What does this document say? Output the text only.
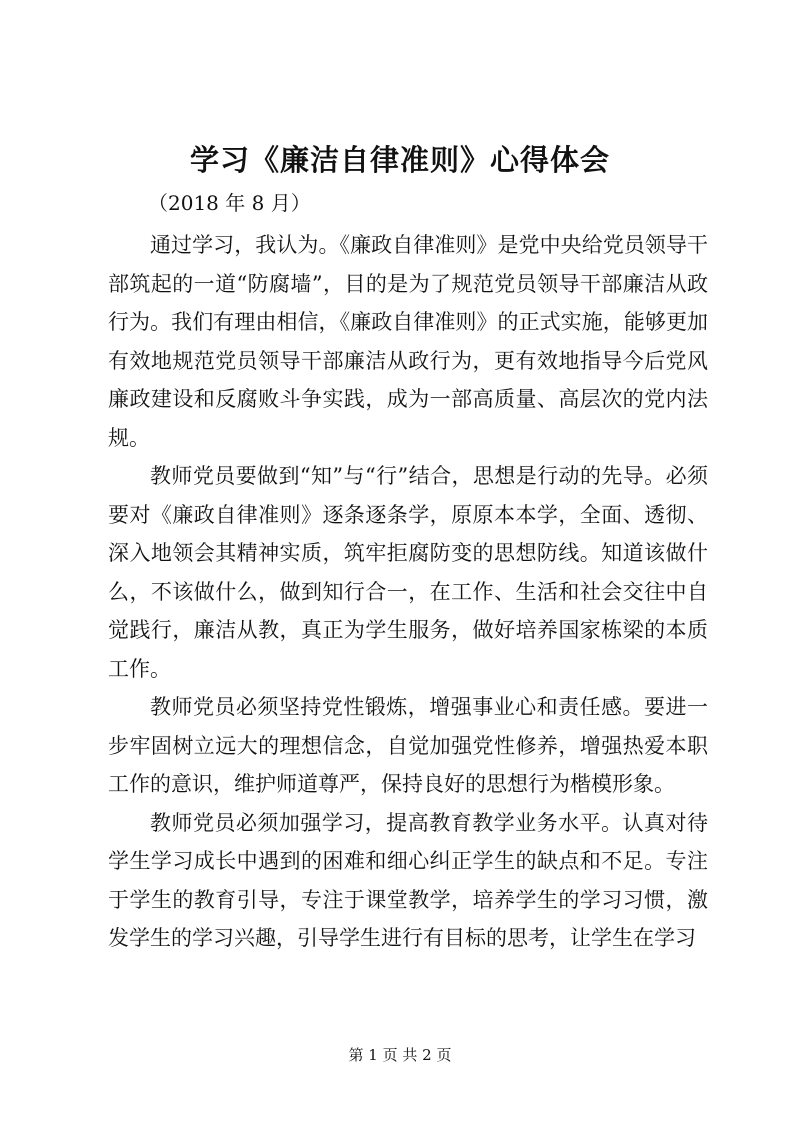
学习《廉洁自律准则》心得体会
（2018 年 8 月）

通过学习，我认为。《廉政自律准则》是党中央给党员领导干部筑起的一道“防腐墙”，目的是为了规范党员领导干部廉洁从政行为。我们有理由相信，《廉政自律准则》的正式实施，能够更加有效地规范党员领导干部廉洁从政行为，更有效地指导今后党风廉政建设和反腐败斗争实践，成为一部高质量、高层次的党内法规。

教师党员要做到“知”与“行”结合，思想是行动的先导。必须要对《廉政自律准则》逐条逐条学，原原本本学，全面、透彻、深入地领会其精神实质，筑牢拒腐防变的思想防线。知道该做什么，不该做什么，做到知行合一，在工作、生活和社会交往中自觉践行，廉洁从教，真正为学生服务，做好培养国家栋梁的本质工作。

教师党员必须坚持党性锻炼，增强事业心和责任感。要进一步牢固树立远大的理想信念，自觉加强党性修养，增强热爱本职工作的意识，维护师道尊严，保持良好的思想行为楷模形象。

教师党员必须加强学习，提高教育教学业务水平。认真对待学生学习成长中遇到的困难和细心纠正学生的缺点和不足。专注于学生的教育引导，专注于课堂教学，培养学生的学习习惯，激发学生的学习兴趣，引导学生进行有目标的思考，让学生在学习

第 1 页 共 2 页
